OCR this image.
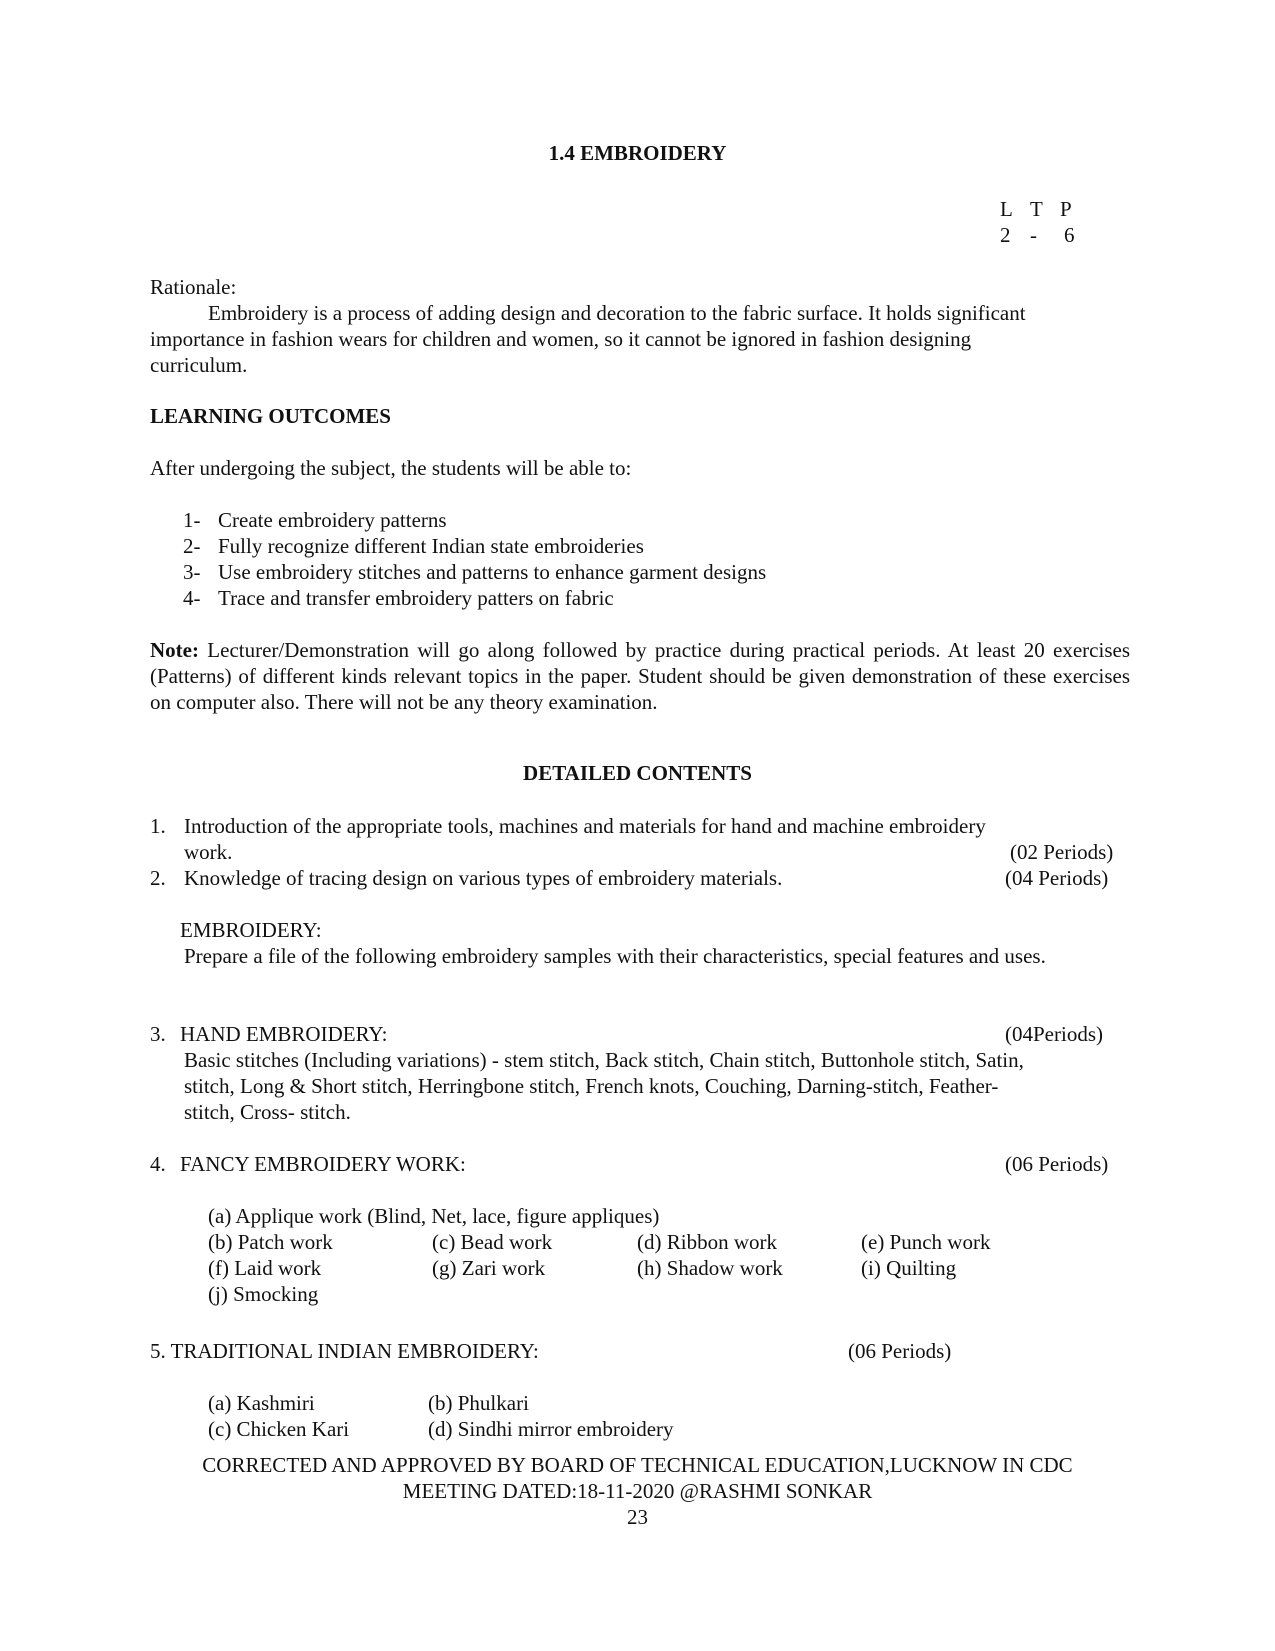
1.4 EMBROIDERY
L T P
2 - 6
Rationale:
Embroidery is a process of adding design and decoration to the fabric surface. It holds significant
importance in fashion wears for children and women, so it cannot be ignored in fashion designing
curriculum.
LEARNING OUTCOMES
After undergoing the subject, the students will be able to:
1- Create embroidery patterns
2- Fully recognize different Indian state embroideries
3- Use embroidery stitches and patterns to enhance garment designs
4- Trace and transfer embroidery patters on fabric
Note: Lecturer/Demonstration will go along followed by practice during practical periods. At least 20 exercises (Patterns) of different kinds relevant topics in the paper. Student should be given demonstration of these exercises on computer also. There will not be any theory examination.
DETAILED CONTENTS
1. Introduction of the appropriate tools, machines and materials for hand and machine embroidery
work.	(02 Periods)
2. Knowledge of tracing design on various types of embroidery materials.	(04 Periods)
EMBROIDERY:
Prepare a file of the following embroidery samples with their characteristics, special features and uses.
3. HAND EMBROIDERY:	(04Periods)
Basic stitches (Including variations) - stem stitch, Back stitch, Chain stitch, Buttonhole stitch, Satin,
stitch, Long & Short stitch, Herringbone stitch, French knots, Couching, Darning-stitch, Feather-
stitch, Cross- stitch.
4. FANCY EMBROIDERY WORK:	(06 Periods)
(a) Applique work (Blind, Net, lace, figure appliques)
(b) Patch work	(c) Bead work	(d) Ribbon work	(e) Punch work
(f) Laid work	(g) Zari work	(h) Shadow work	(i) Quilting
(j) Smocking
5. TRADITIONAL INDIAN EMBROIDERY:	(06 Periods)
(a) Kashmiri	(b) Phulkari
(c) Chicken Kari	(d) Sindhi mirror embroidery
CORRECTED AND APPROVED BY BOARD OF TECHNICAL EDUCATION,LUCKNOW IN CDC
MEETING DATED:18-11-2020 @RASHMI SONKAR
23
